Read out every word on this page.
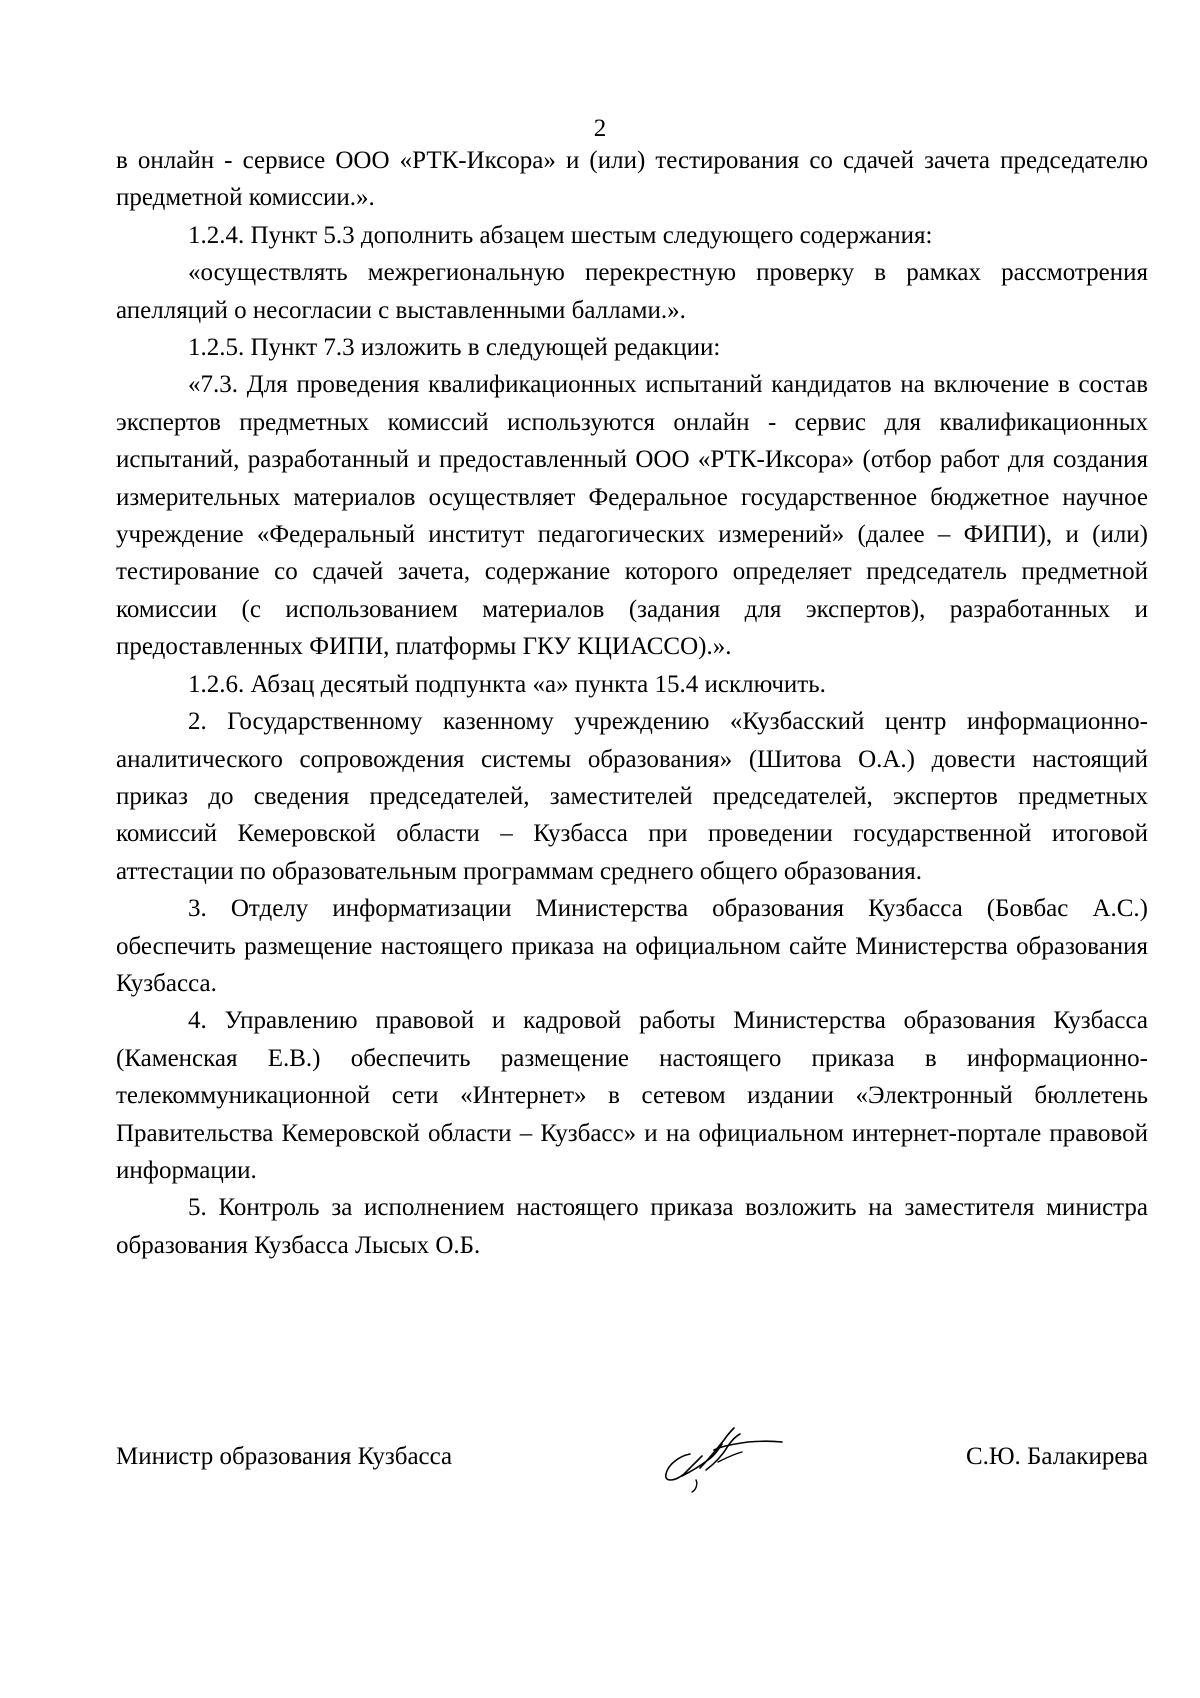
2

в онлайн - сервисе ООО «РТК-Иксора» и (или) тестирования со сдачей зачета председателю предметной комиссии.».

1.2.4. Пункт 5.3 дополнить абзацем шестым следующего содержания:

«осуществлять межрегиональную перекрестную проверку в рамках рассмотрения апелляций о несогласии с выставленными баллами.».

1.2.5. Пункт 7.3 изложить в следующей редакции:

«7.3. Для проведения квалификационных испытаний кандидатов на включение в состав экспертов предметных комиссий используются онлайн - сервис для квалификационных испытаний, разработанный и предоставленный ООО «РТК-Иксора» (отбор работ для создания измерительных материалов осуществляет Федеральное государственное бюджетное научное учреждение «Федеральный институт педагогических измерений» (далее – ФИПИ), и (или) тестирование со сдачей зачета, содержание которого определяет председатель предметной комиссии (с использованием материалов (задания для экспертов), разработанных и предоставленных ФИПИ, платформы ГКУ КЦИАССО).».

1.2.6. Абзац десятый подпункта «а» пункта 15.4 исключить.

2. Государственному казенному учреждению «Кузбасский центр информационно-аналитического сопровождения системы образования» (Шитова О.А.) довести настоящий приказ до сведения председателей, заместителей председателей, экспертов предметных комиссий Кемеровской области – Кузбасса при проведении государственной итоговой аттестации по образовательным программам среднего общего образования.

3. Отделу информатизации Министерства образования Кузбасса (Бовбас А.С.) обеспечить размещение настоящего приказа на официальном сайте Министерства образования Кузбасса.

4. Управлению правовой и кадровой работы Министерства образования Кузбасса (Каменская Е.В.) обеспечить размещение настоящего приказа в информационно-телекоммуникационной сети «Интернет» в сетевом издании «Электронный бюллетень Правительства Кемеровской области – Кузбасс» и на официальном интернет-портале правовой информации.

5. Контроль за исполнением настоящего приказа возложить на заместителя министра образования Кузбасса Лысых О.Б.

Министр образования Кузбасса	С.Ю. Балакирева
